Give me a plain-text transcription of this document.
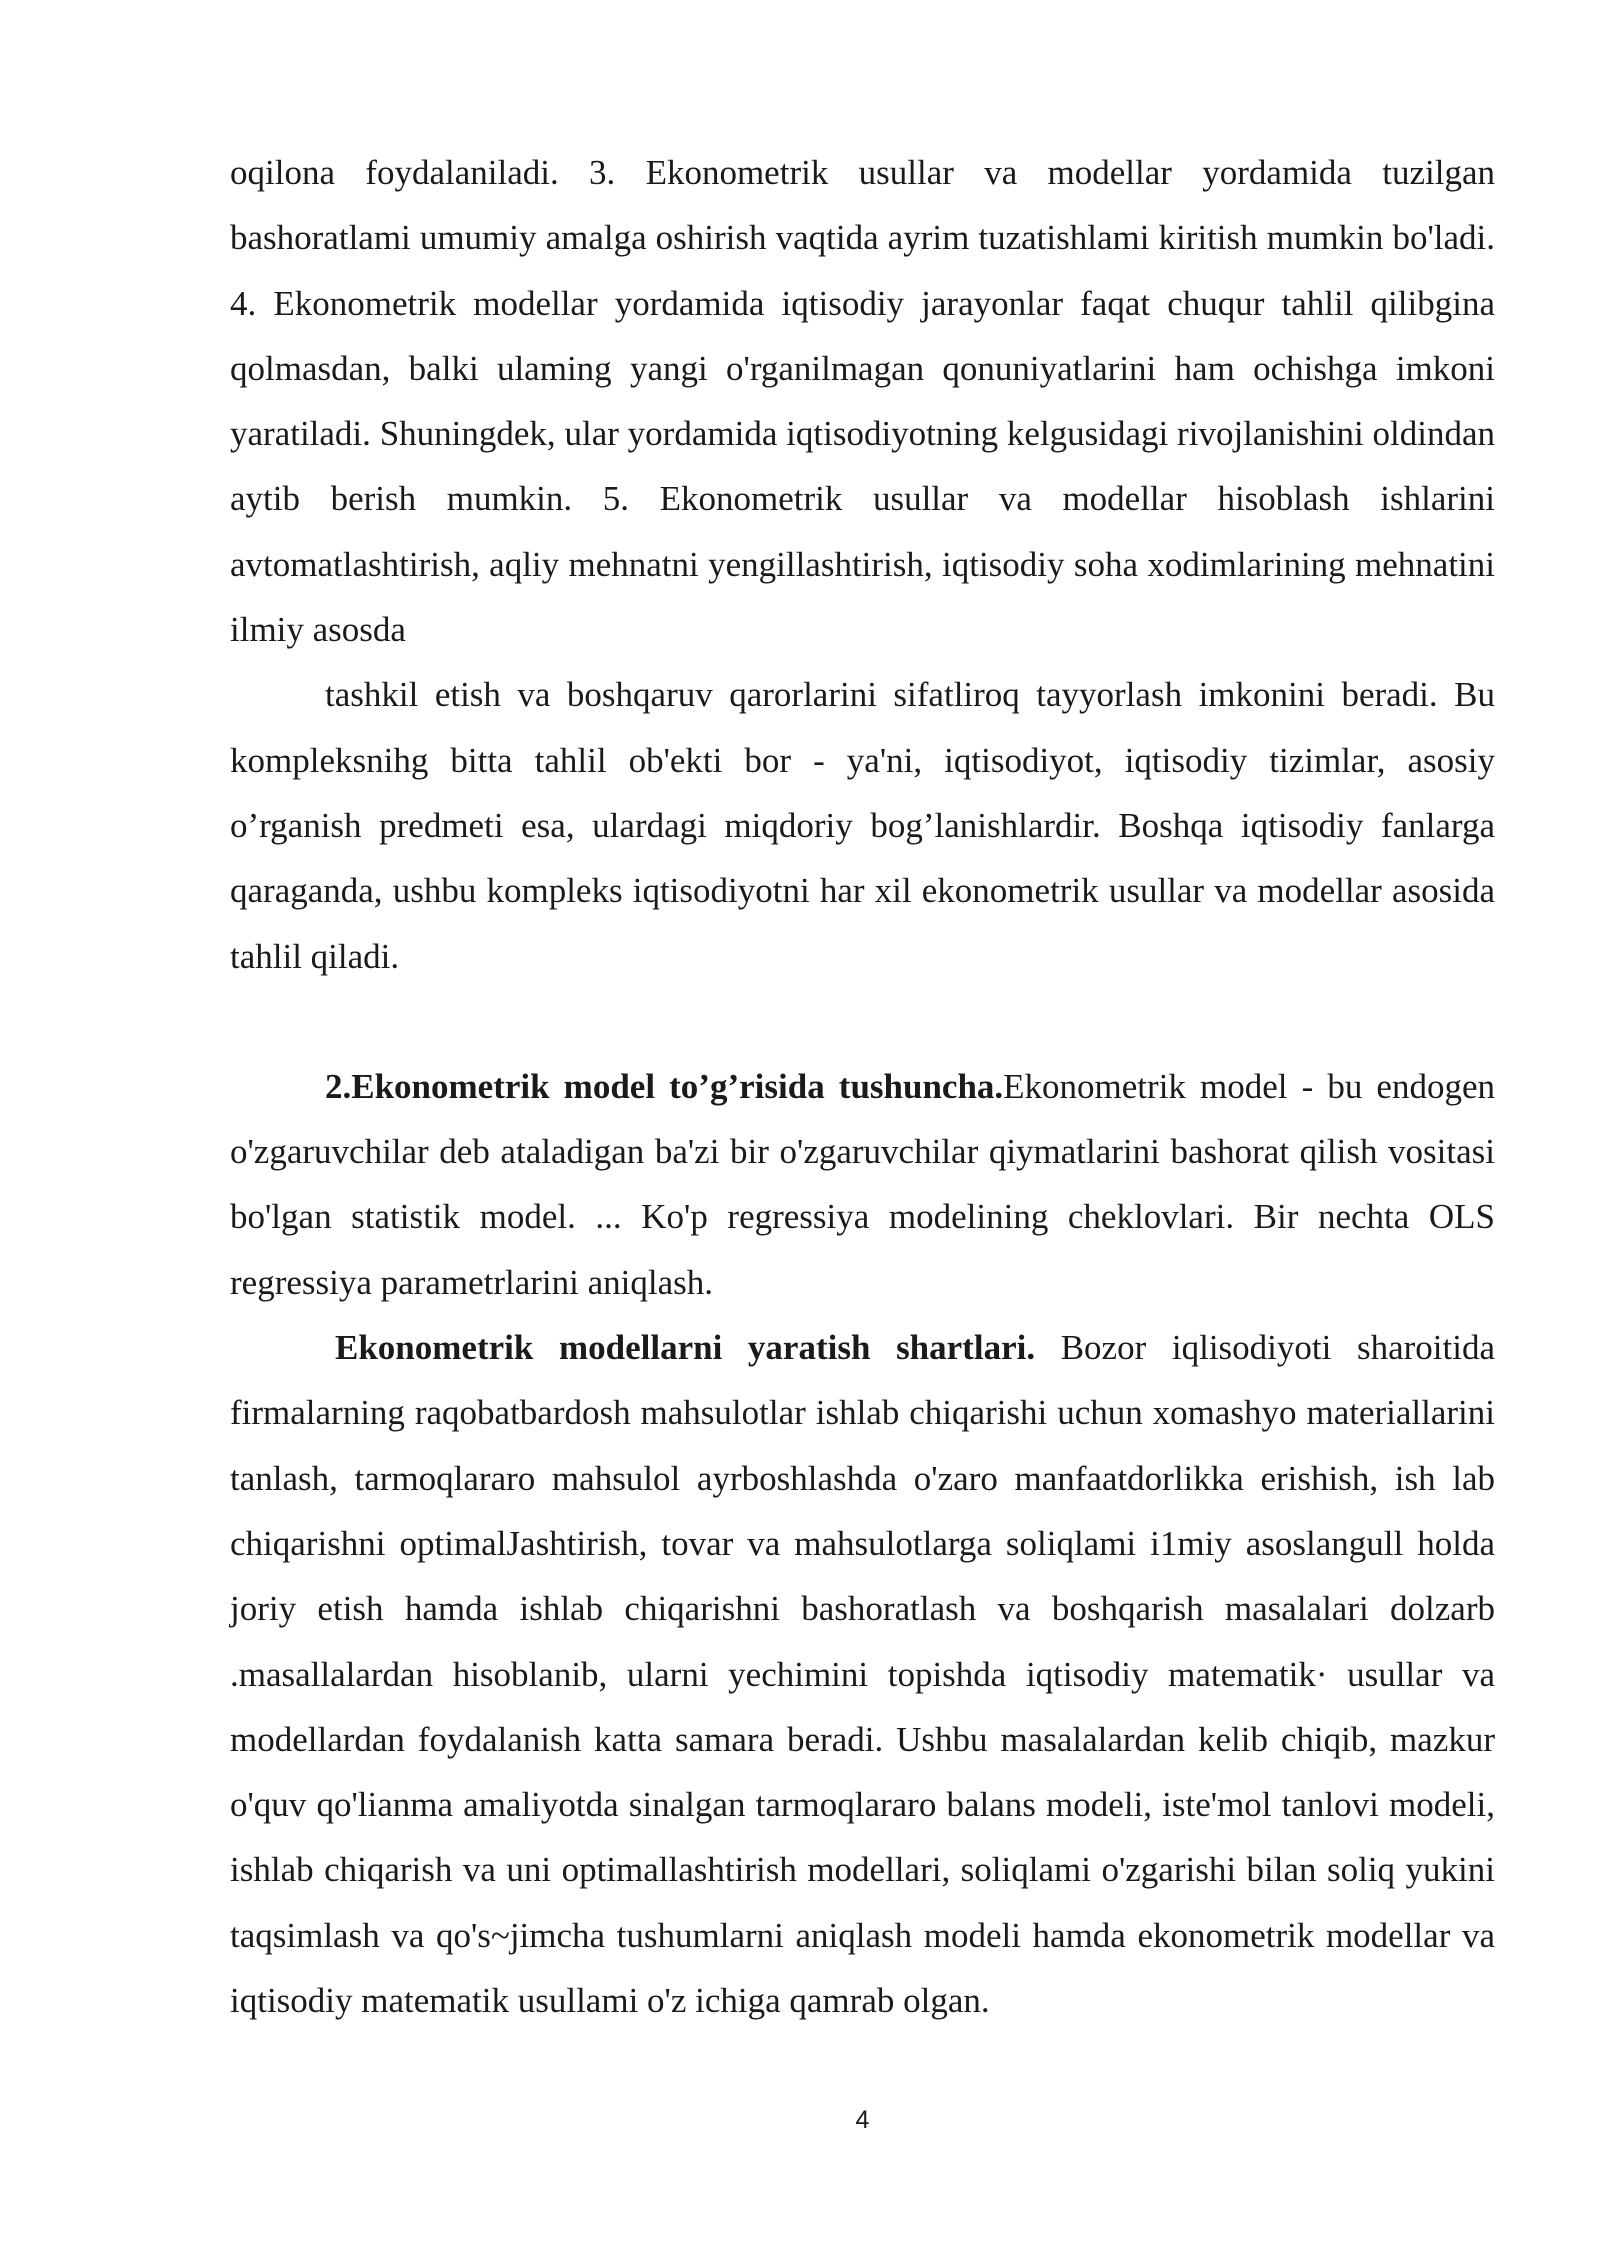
oqilona foydalaniladi. 3. Ekonometrik usullar va modellar yordamida tuzilgan bashoratlami umumiy amalga oshirish vaqtida ayrim tuzatishlami kiritish mumkin bo'ladi. 4. Ekonometrik modellar yordamida iqtisodiy jarayonlar faqat chuqur tahlil qilibgina qolmasdan, balki ulaming yangi o'rganilmagan qonuniyatlarini ham ochishga imkoni yaratiladi. Shuningdek, ular yordamida iqtisodiyotning kelgusidagi rivojlanishini oldindan aytib berish mumkin. 5. Ekonometrik usullar va modellar hisoblash ishlarini avtomatlashtirish, aqliy mehnatni yengillashtirish, iqtisodiy soha xodimlarining mehnatini ilmiy asosda

tashkil etish va boshqaruv qarorlarini sifatliroq tayyorlash imkonini beradi. Bu kompleksnihg bitta tahlil ob'ekti bor - ya'ni, iqtisodiyot, iqtisodiy tizimlar, asosiy o’rganish predmeti esa, ulardagi miqdoriy bog’lanishlardir. Boshqa iqtisodiy fanlarga qaraganda, ushbu kompleks iqtisodiyotni har xil ekonometrik usullar va modellar asosida tahlil qiladi.

2.Ekonometrik model to’g’risida tushuncha.Ekonometrik model - bu endogen o'zgaruvchilar deb ataladigan ba'zi bir o'zgaruvchilar qiymatlarini bashorat qilish vositasi bo'lgan statistik model. ... Ko'p regressiya modelining cheklovlari. Bir nechta OLS regressiya parametrlarini aniqlash.

Ekonometrik modellarni yaratish shartlari. Bozor iqlisodiyoti sharoitida firmalarning raqobatbardosh mahsulotlar ishlab chiqarishi uchun xomashyo materiallarini tanlash, tarmoqlararo mahsulol ayrboshlashda o'zaro manfaatdorlikka erishish, ish lab chiqarishni optimalJashtirish, tovar va mahsulotlarga soliqlami i1miy asoslangull holda joriy etish hamda ishlab chiqarishni bashoratlash va boshqarish masalalari dolzarb .masallalardan hisoblanib, ularni yechimini topishda iqtisodiy matematik· usullar va modellardan foydalanish katta samara beradi. Ushbu masalalardan kelib chiqib, mazkur o'quv qo'lianma amaliyotda sinalgan tarmoqlararo balans modeli, iste'mol tanlovi modeli, ishlab chiqarish va uni optimallashtirish modellari, soliqlami o'zgarishi bilan soliq yukini taqsimlash va qo's~jimcha tushumlarni aniqlash modeli hamda ekonometrik modellar va iqtisodiy matematik usullami o'z ichiga qamrab olgan.

4
